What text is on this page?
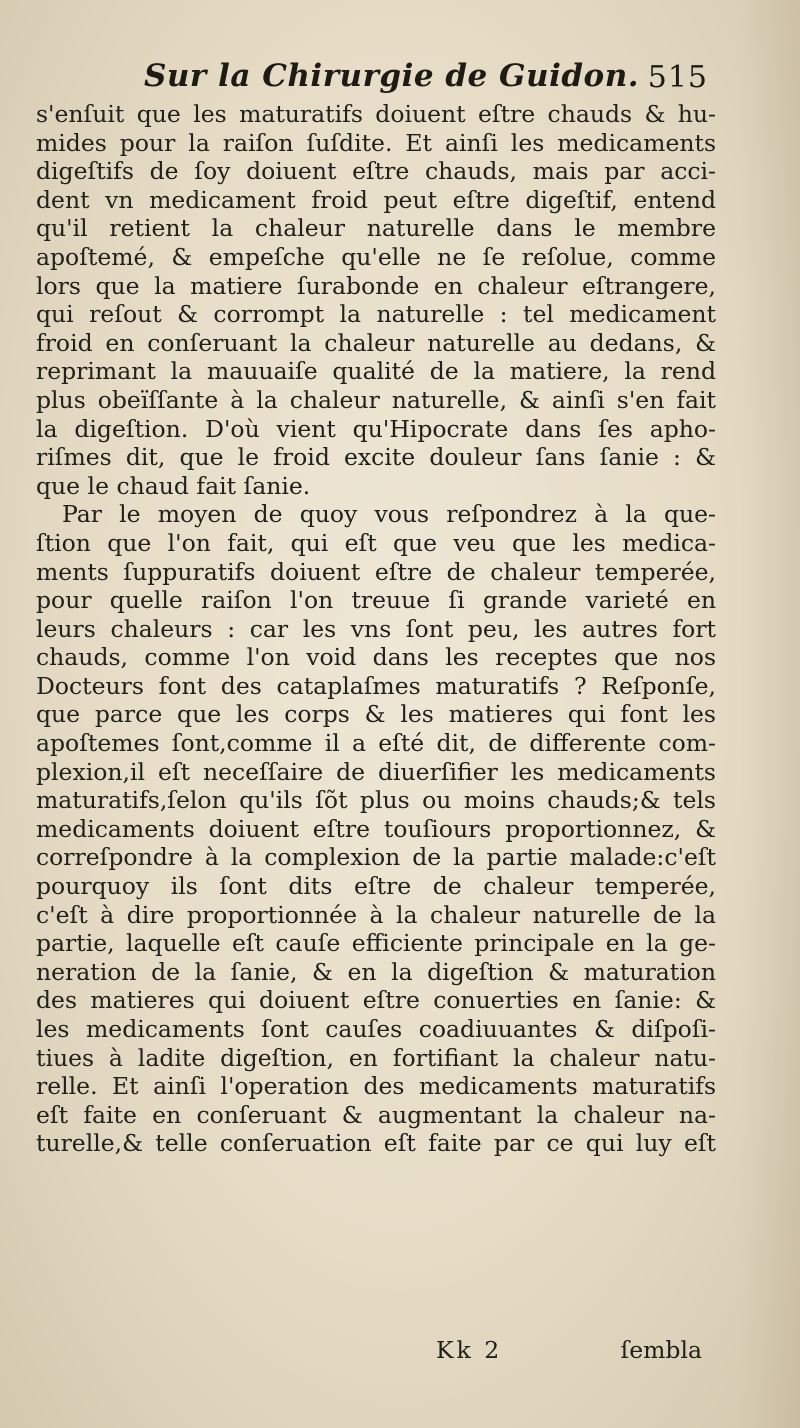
Sur la Chirurgie de Guidon. 515
s'enſuit que les maturatifs doiuent eſtre chauds & hu-
mides pour la raiſon ſuſdite. Et ainſi les medicaments
digeſtifs de ſoy doiuent eſtre chauds, mais par acci-
dent vn medicament froid peut eſtre digeſtif, entend
qu'il retient la chaleur naturelle dans le membre
apoſtemé, & empeſche qu'elle ne ſe reſolue, comme
lors que la matiere ſurabonde en chaleur eſtrangere,
qui reſout & corrompt la naturelle : tel medicament
froid en conſeruant la chaleur naturelle au dedans, &
reprimant la mauuaiſe qualité de la matiere, la rend
plus obeïſſante à la chaleur naturelle, & ainſi s'en fait
la digeſtion. D'où vient qu'Hipocrate dans ſes apho-
riſmes dit, que le froid excite douleur ſans ſanie : &
que le chaud fait ſanie.
Par le moyen de quoy vous reſpondrez à la que-
ſtion que l'on fait, qui eſt que veu que les medica-
ments ſuppuratifs doiuent eſtre de chaleur temperée,
pour quelle raiſon l'on treuue ſi grande varieté en
leurs chaleurs : car les vns ſont peu, les autres fort
chauds, comme l'on void dans les receptes que nos
Docteurs font des cataplaſmes maturatifs ? Reſponſe,
que parce que les corps & les matieres qui font les
apoſtemes ſont,comme il a eſté dit, de differente com-
plexion,il eſt neceſſaire de diuerſifier les medicaments
maturatifs,ſelon qu'ils ſõt plus ou moins chauds;& tels
medicaments doiuent eſtre touſiours proportionnez, &
correſpondre à la complexion de la partie malade:c'eſt
pourquoy ils ſont dits eſtre de chaleur temperée,
c'eſt à dire proportionnée à la chaleur naturelle de la
partie, laquelle eſt cauſe efficiente principale en la ge-
neration de la ſanie, & en la digeſtion & maturation
des matieres qui doiuent eſtre conuerties en ſanie: &
les medicaments ſont cauſes coadiuuantes & diſpoſi-
tiues à ladite digeſtion, en fortifiant la chaleur natu-
relle. Et ainſi l'operation des medicaments maturatifs
eſt faite en conſeruant & augmentant la chaleur na-
turelle,& telle conſeruation eſt faite par ce qui luy eſt
Kk 2	ſembla
